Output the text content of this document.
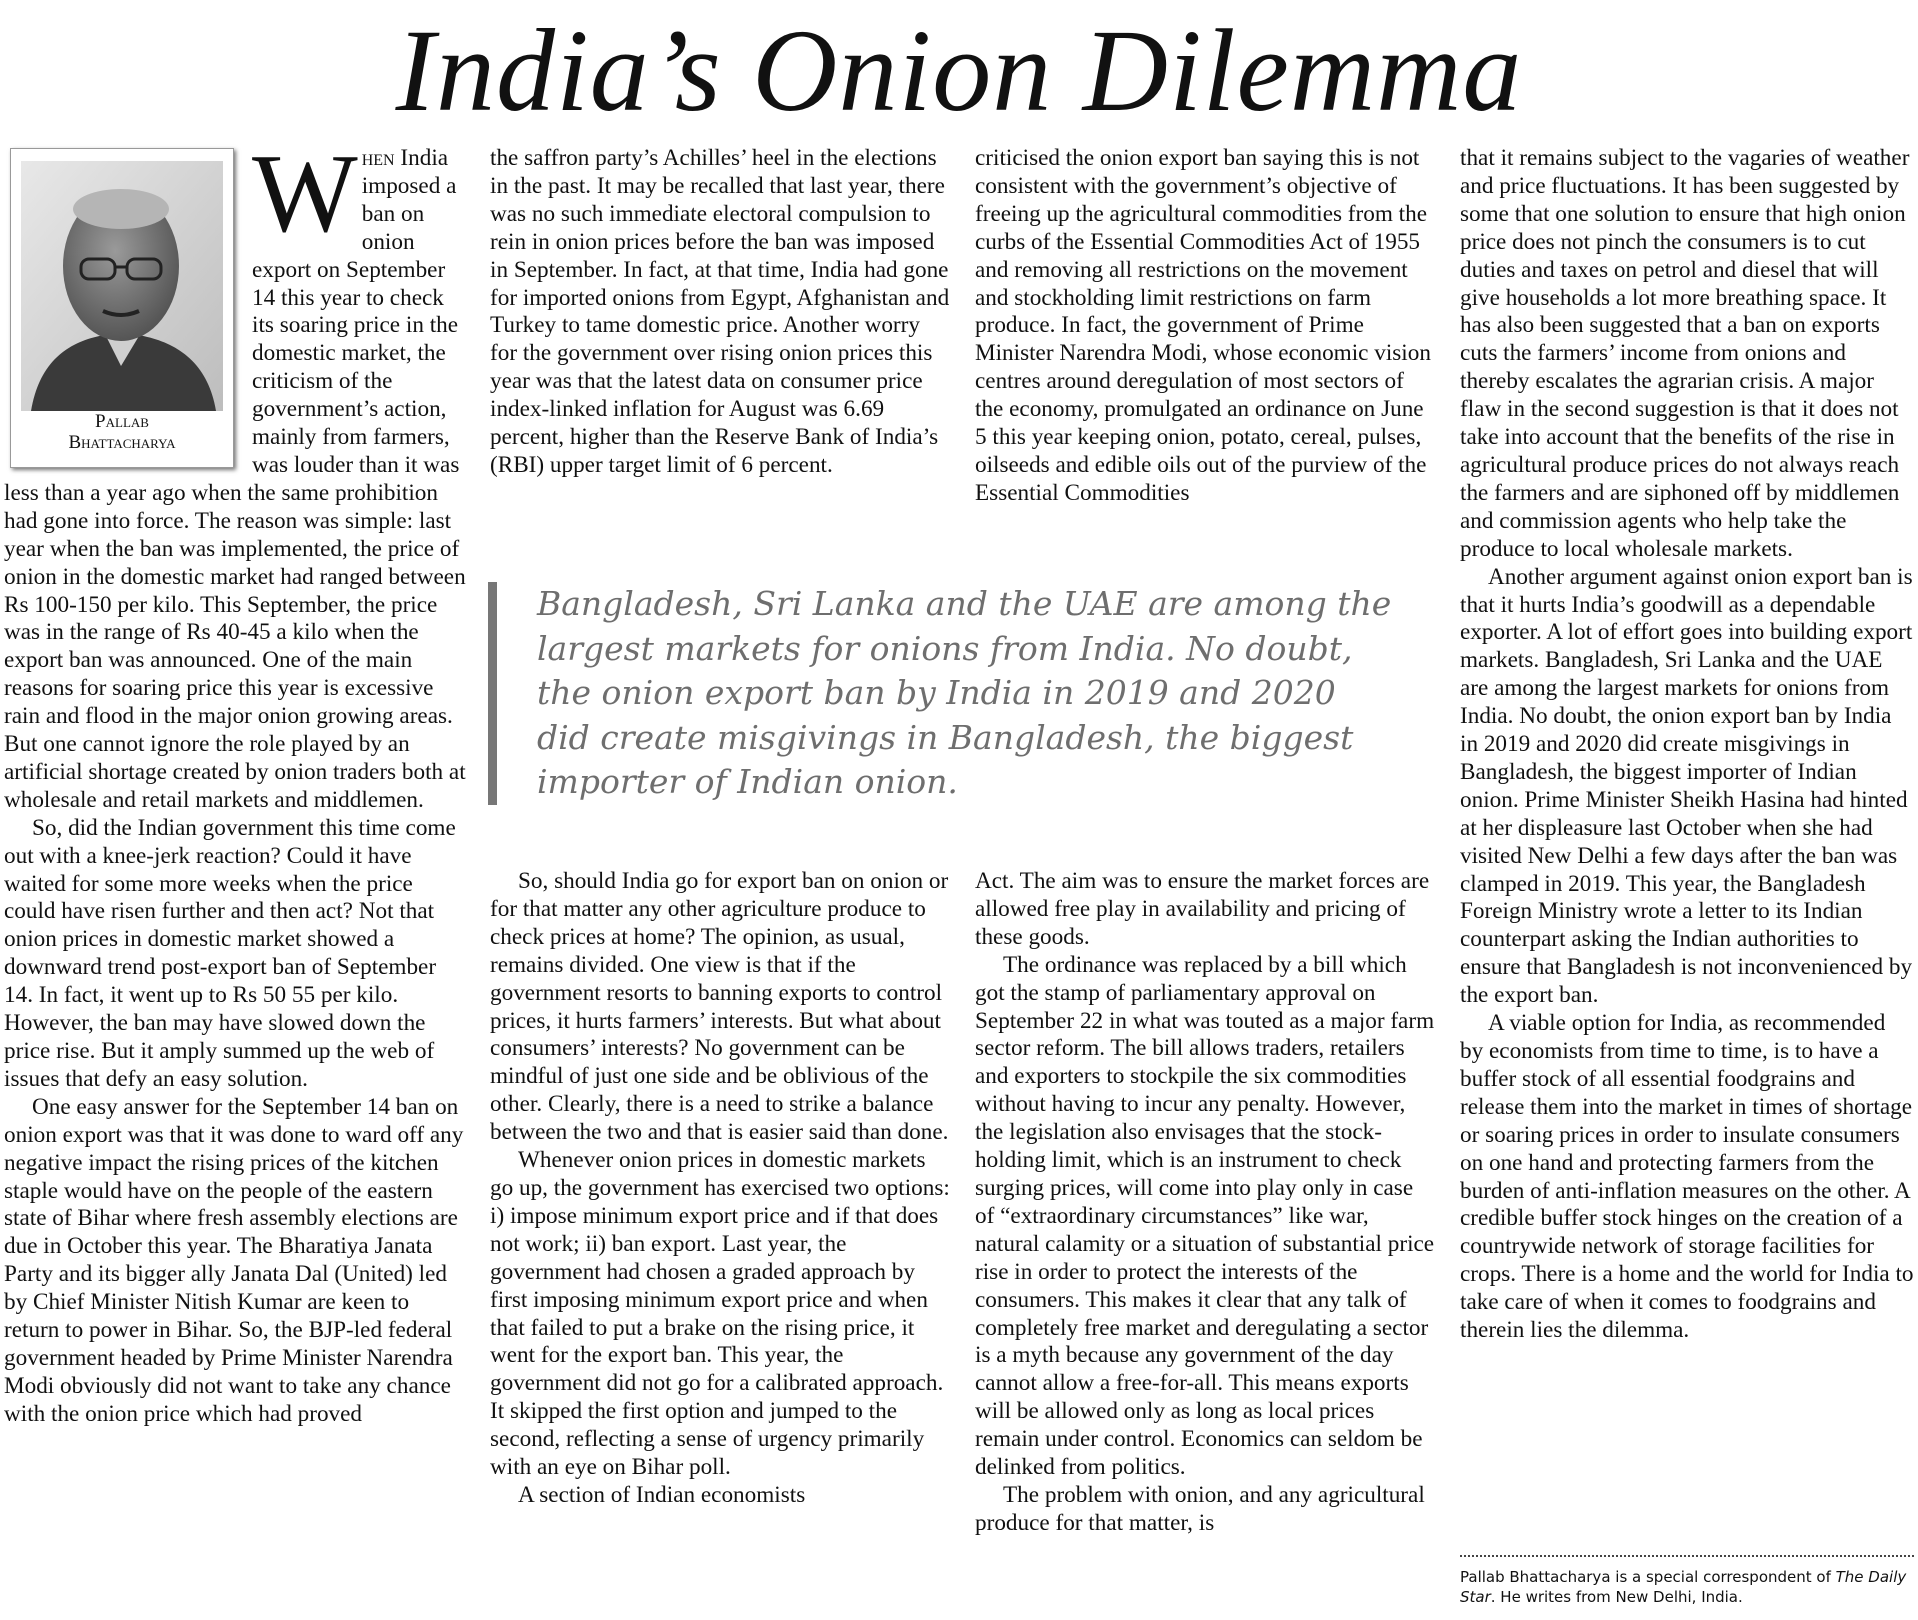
India’s Onion Dilemma
Pallab
Bhattacharya

When India imposed a ban on onion export on September 14 this year to check its soaring price in the domestic market, the criticism of the government’s action, mainly from farmers, was louder than it was less than a year ago when the same prohibition had gone into force. The reason was simple: last year when the ban was implemented, the price of onion in the domestic market had ranged between Rs 100-150 per kilo. This September, the price was in the range of Rs 40-45 a kilo when the export ban was announced. One of the main reasons for soaring price this year is excessive rain and flood in the major onion growing areas. But one cannot ignore the role played by an artificial shortage created by onion traders both at wholesale and retail markets and middlemen.

So, did the Indian government this time come out with a knee-jerk reaction? Could it have waited for some more weeks when the price could have risen further and then act? Not that onion prices in domestic market showed a downward trend post-export ban of September 14. In fact, it went up to Rs 50 55 per kilo. However, the ban may have slowed down the price rise. But it amply summed up the web of issues that defy an easy solution.

One easy answer for the September 14 ban on onion export was that it was done to ward off any negative impact the rising prices of the kitchen staple would have on the people of the eastern state of Bihar where fresh assembly elections are due in October this year. The Bharatiya Janata Party and its bigger ally Janata Dal (United) led by Chief Minister Nitish Kumar are keen to return to power in Bihar. So, the BJP-led federal government headed by Prime Minister Narendra Modi obviously did not want to take any chance with the onion price which had proved

the saffron party’s Achilles’ heel in the elections in the past. It may be recalled that last year, there was no such immediate electoral compulsion to rein in onion prices before the ban was imposed in September. In fact, at that time, India had gone for imported onions from Egypt, Afghanistan and Turkey to tame domestic price. Another worry for the government over rising onion prices this year was that the latest data on consumer price index-linked inflation for August was 6.69 percent, higher than the Reserve Bank of India’s (RBI) upper target limit of 6 percent.

criticised the onion export ban saying this is not consistent with the government’s objective of freeing up the agricultural commodities from the curbs of the Essential Commodities Act of 1955 and removing all restrictions on the movement and stockholding limit restrictions on farm produce. In fact, the government of Prime Minister Narendra Modi, whose economic vision centres around deregulation of most sectors of the economy, promulgated an ordinance on June 5 this year keeping onion, potato, cereal, pulses, oilseeds and edible oils out of the purview of the Essential Commodities

Bangladesh, Sri Lanka and the UAE are among the
largest markets for onions from India. No doubt,
the onion export ban by India in 2019 and 2020
did create misgivings in Bangladesh, the biggest
importer of Indian onion.

So, should India go for export ban on onion or for that matter any other agriculture produce to check prices at home? The opinion, as usual, remains divided. One view is that if the government resorts to banning exports to control prices, it hurts farmers’ interests. But what about consumers’ interests? No government can be mindful of just one side and be oblivious of the other. Clearly, there is a need to strike a balance between the two and that is easier said than done.

Whenever onion prices in domestic markets go up, the government has exercised two options: i) impose minimum export price and if that does not work; ii) ban export. Last year, the government had chosen a graded approach by first imposing minimum export price and when that failed to put a brake on the rising price, it went for the export ban. This year, the government did not go for a calibrated approach. It skipped the first option and jumped to the second, reflecting a sense of urgency primarily with an eye on Bihar poll.

A section of Indian economists

Act. The aim was to ensure the market forces are allowed free play in availability and pricing of these goods.

The ordinance was replaced by a bill which got the stamp of parliamentary approval on September 22 in what was touted as a major farm sector reform. The bill allows traders, retailers and exporters to stockpile the six commodities without having to incur any penalty. However, the legislation also envisages that the stock-holding limit, which is an instrument to check surging prices, will come into play only in case of “extraordinary circumstances” like war, natural calamity or a situation of substantial price rise in order to protect the interests of the consumers. This makes it clear that any talk of completely free market and deregulating a sector is a myth because any government of the day cannot allow a free-for-all. This means exports will be allowed only as long as local prices remain under control. Economics can seldom be delinked from politics.

The problem with onion, and any agricultural produce for that matter, is

that it remains subject to the vagaries of weather and price fluctuations. It has been suggested by some that one solution to ensure that high onion price does not pinch the consumers is to cut duties and taxes on petrol and diesel that will give households a lot more breathing space. It has also been suggested that a ban on exports cuts the farmers’ income from onions and thereby escalates the agrarian crisis. A major flaw in the second suggestion is that it does not take into account that the benefits of the rise in agricultural produce prices do not always reach the farmers and are siphoned off by middlemen and commission agents who help take the produce to local wholesale markets.

Another argument against onion export ban is that it hurts India’s goodwill as a dependable exporter. A lot of effort goes into building export markets. Bangladesh, Sri Lanka and the UAE are among the largest markets for onions from India. No doubt, the onion export ban by India in 2019 and 2020 did create misgivings in Bangladesh, the biggest importer of Indian onion. Prime Minister Sheikh Hasina had hinted at her displeasure last October when she had visited New Delhi a few days after the ban was clamped in 2019. This year, the Bangladesh Foreign Ministry wrote a letter to its Indian counterpart asking the Indian authorities to ensure that Bangladesh is not inconvenienced by the export ban.

A viable option for India, as recommended by economists from time to time, is to have a buffer stock of all essential foodgrains and release them into the market in times of shortage or soaring prices in order to insulate consumers on one hand and protecting farmers from the burden of anti-inflation measures on the other. A credible buffer stock hinges on the creation of a countrywide network of storage facilities for crops. There is a home and the world for India to take care of when it comes to foodgrains and therein lies the dilemma.

Pallab Bhattacharya is a special correspondent of The Daily Star. He writes from New Delhi, India.
